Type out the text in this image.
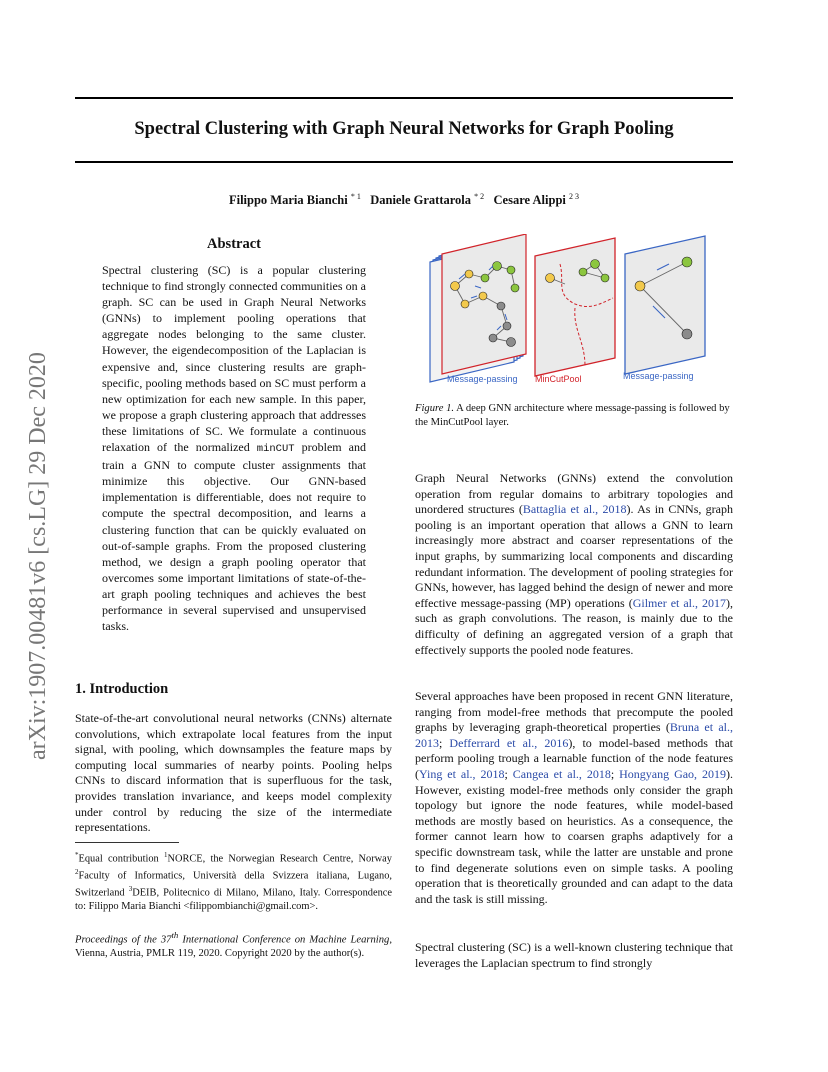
Spectral Clustering with Graph Neural Networks for Graph Pooling
Filippo Maria Bianchi $^{* 1}$ Daniele Grattarola $^{* 2}$ Cesare Alippi $^{2 3}$
arXiv:1907.00481v6 [cs.LG] 29 Dec 2020
Abstract
Spectral clustering (SC) is a popular clustering technique to find strongly connected communities on a graph. SC can be used in Graph Neural Networks (GNNs) to implement pooling operations that aggregate nodes belonging to the same cluster. However, the eigendecomposition of the Laplacian is expensive and, since clustering results are graph-specific, pooling methods based on SC must perform a new optimization for each new sample. In this paper, we propose a graph clustering approach that addresses these limitations of SC. We formulate a continuous relaxation of the normalized minCUT problem and train a GNN to compute cluster assignments that minimize this objective. Our GNN-based implementation is differentiable, does not require to compute the spectral decomposition, and learns a clustering function that can be quickly evaluated on out-of-sample graphs. From the proposed clustering method, we design a graph pooling operator that overcomes some important limitations of state-of-the-art graph pooling techniques and achieves the best performance in several supervised and unsupervised tasks.
1. Introduction
State-of-the-art convolutional neural networks (CNNs) alternate convolutions, which extrapolate local features from the input signal, with pooling, which downsamples the feature maps by computing local summaries of nearby points. Pooling helps CNNs to discard information that is superfluous for the task, provides translation invariance, and keeps model complexity under control by reducing the size of the intermediate representations.
*Equal contribution $^1$NORCE, the Norwegian Research Centre, Norway $^2$Faculty of Informatics, Università della Svizzera italiana, Lugano, Switzerland $^3$DEIB, Politecnico di Milano, Milano, Italy. Correspondence to: Filippo Maria Bianchi <filippombianchi@gmail.com>.
Proceedings of the 37th International Conference on Machine Learning, Vienna, Austria, PMLR 119, 2020. Copyright 2020 by the author(s).
Message-passing MinCutPool	Message-passing
Figure 1. A deep GNN architecture where message-passing is followed by the MinCutPool layer.
Graph Neural Networks (GNNs) extend the convolution operation from regular domains to arbitrary topologies and unordered structures (Battaglia et al., 2018). As in CNNs, graph pooling is an important operation that allows a GNN to learn increasingly more abstract and coarser representations of the input graphs, by summarizing local components and discarding redundant information. The development of pooling strategies for GNNs, however, has lagged behind the design of newer and more effective message-passing (MP) operations (Gilmer et al., 2017), such as graph convolutions. The reason, is mainly due to the difficulty of defining an aggregated version of a graph that effectively supports the pooled node features.
Several approaches have been proposed in recent GNN literature, ranging from model-free methods that precompute the pooled graphs by leveraging graph-theoretical properties (Bruna et al., 2013; Defferrard et al., 2016), to model-based methods that perform pooling trough a learnable function of the node features (Ying et al., 2018; Cangea et al., 2018; Hongyang Gao, 2019). However, existing model-free methods only consider the graph topology but ignore the node features, while model-based methods are mostly based on heuristics. As a consequence, the former cannot learn how to coarsen graphs adaptively for a specific downstream task, while the latter are unstable and prone to find degenerate solutions even on simple tasks. A pooling operation that is theoretically grounded and can adapt to the data and the task is still missing.
Spectral clustering (SC) is a well-known clustering technique that leverages the Laplacian spectrum to find strongly
